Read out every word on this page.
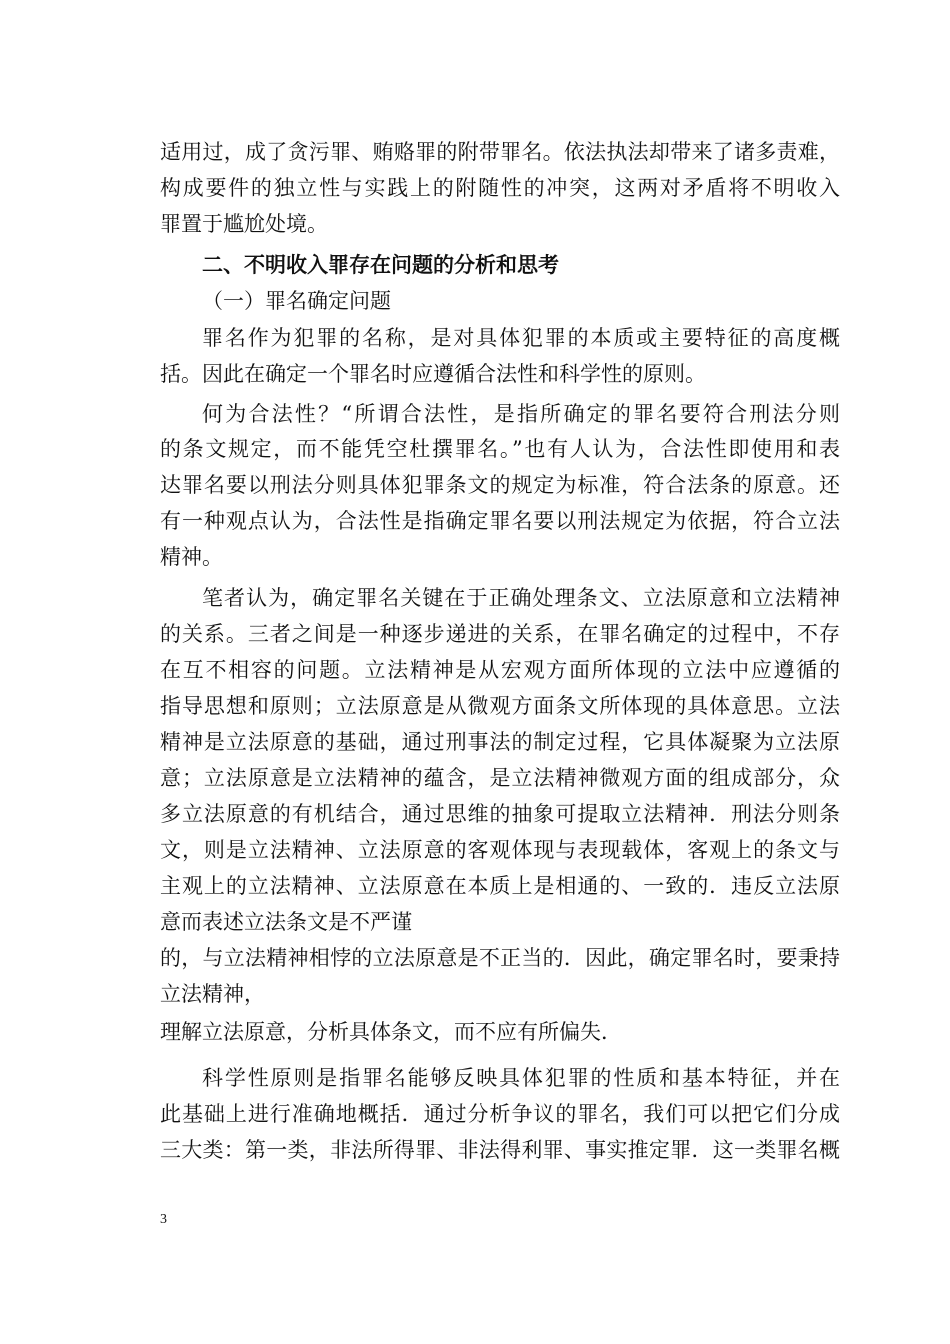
适用过，成了贪污罪、贿赂罪的附带罪名。依法执法却带来了诸多责难，
构成要件的独立性与实践上的附随性的冲突，这两对矛盾将不明收入
罪置于尴尬处境。
二、不明收入罪存在问题的分析和思考
（一）罪名确定问题
罪名作为犯罪的名称，是对具体犯罪的本质或主要特征的高度概
括。因此在确定一个罪名时应遵循合法性和科学性的原则。
何为合法性？“所谓合法性，是指所确定的罪名要符合刑法分则
的条文规定，而不能凭空杜撰罪名。”也有人认为，合法性即使用和表
达罪名要以刑法分则具体犯罪条文的规定为标准，符合法条的原意。还
有一种观点认为，合法性是指确定罪名要以刑法规定为依据，符合立法
精神。
笔者认为，确定罪名关键在于正确处理条文、立法原意和立法精神
的关系。三者之间是一种逐步递进的关系，在罪名确定的过程中，不存
在互不相容的问题。立法精神是从宏观方面所体现的立法中应遵循的
指导思想和原则；立法原意是从微观方面条文所体现的具体意思。立法
精神是立法原意的基础，通过刑事法的制定过程，它具体凝聚为立法原
意；立法原意是立法精神的蕴含，是立法精神微观方面的组成部分，众
多立法原意的有机结合，通过思维的抽象可提取立法精神．刑法分则条
文，则是立法精神、立法原意的客观体现与表现载体，客观上的条文与
主观上的立法精神、立法原意在本质上是相通的、一致的．违反立法原
意而表述立法条文是不严谨
的，与立法精神相悖的立法原意是不正当的．因此，确定罪名时，要秉持
立法精神，
理解立法原意，分析具体条文，而不应有所偏失．
科学性原则是指罪名能够反映具体犯罪的性质和基本特征，并在
此基础上进行准确地概括．通过分析争议的罪名，我们可以把它们分成
三大类：第一类，非法所得罪、非法得利罪、事实推定罪．这一类罪名概
3
